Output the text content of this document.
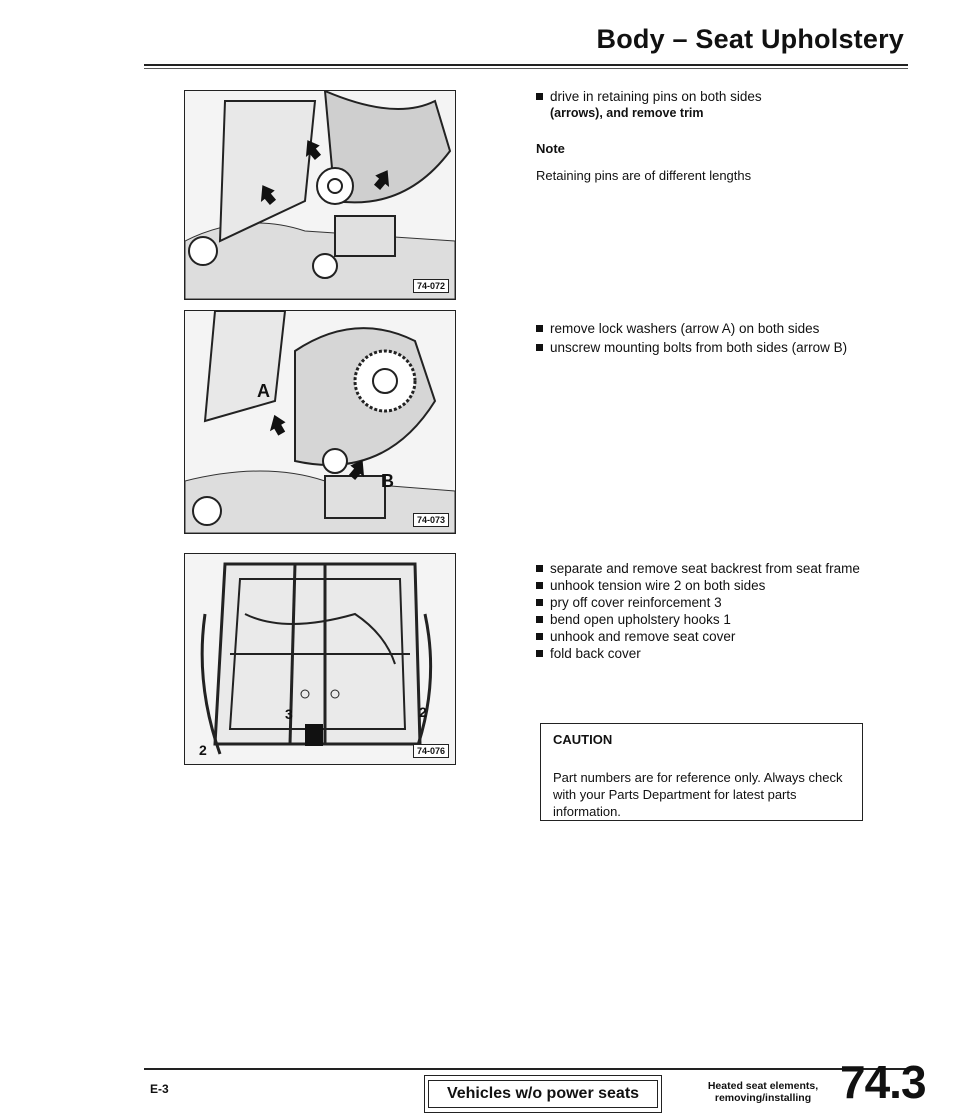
Body – Seat Upholstery
74-072
A
B
74-073
3
2
2
74-076
drive in retaining pins on both sides
(arrows), and remove trim
Note
Retaining pins are of different lengths
remove lock washers (arrow A) on both sides
unscrew mounting bolts from both sides (arrow B)
separate and remove seat backrest from seat frame
unhook tension wire 2 on both sides
pry off cover reinforcement 3
bend open upholstery hooks 1
unhook and remove seat cover
fold back cover
CAUTION
Part numbers are for reference only. Always check with your Parts Department for latest parts information.
E-3	Vehicles w/o power seats	Heated seat elements, removing/installing 74.3
